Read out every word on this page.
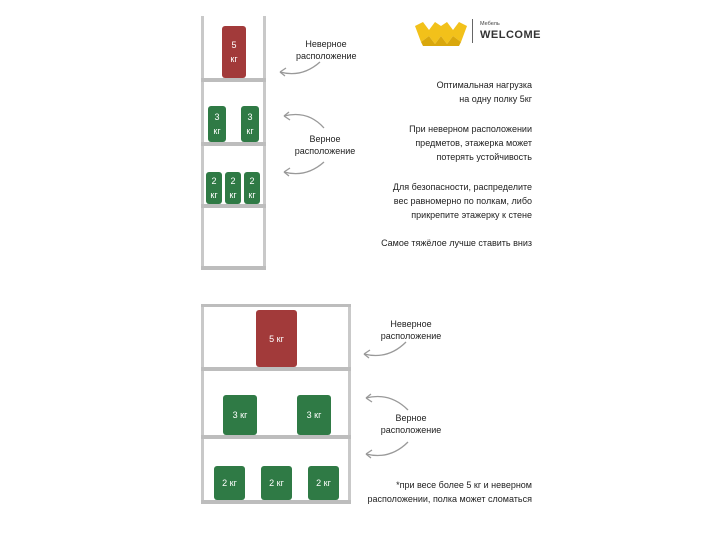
Мебель
WELCOME
5
кг
3
кг
3
кг
2
кг
2
кг
2
кг
Неверное
расположение
Верное
расположение
Оптимальная нагрузка
на одну полку 5кг
При неверном расположении
предметов, этажерка может
потерять устойчивость
Для безопасности, распределите
вес равномерно по полкам, либо
прикрепите этажерку к стене
Самое тяжёлое лучше ставить вниз
5 кг
3 кг	3 кг
2 кг	2 кг	2 кг
Неверное
расположение
Верное
расположение
*при весе более 5 кг и неверном
расположении, полка может сломаться
